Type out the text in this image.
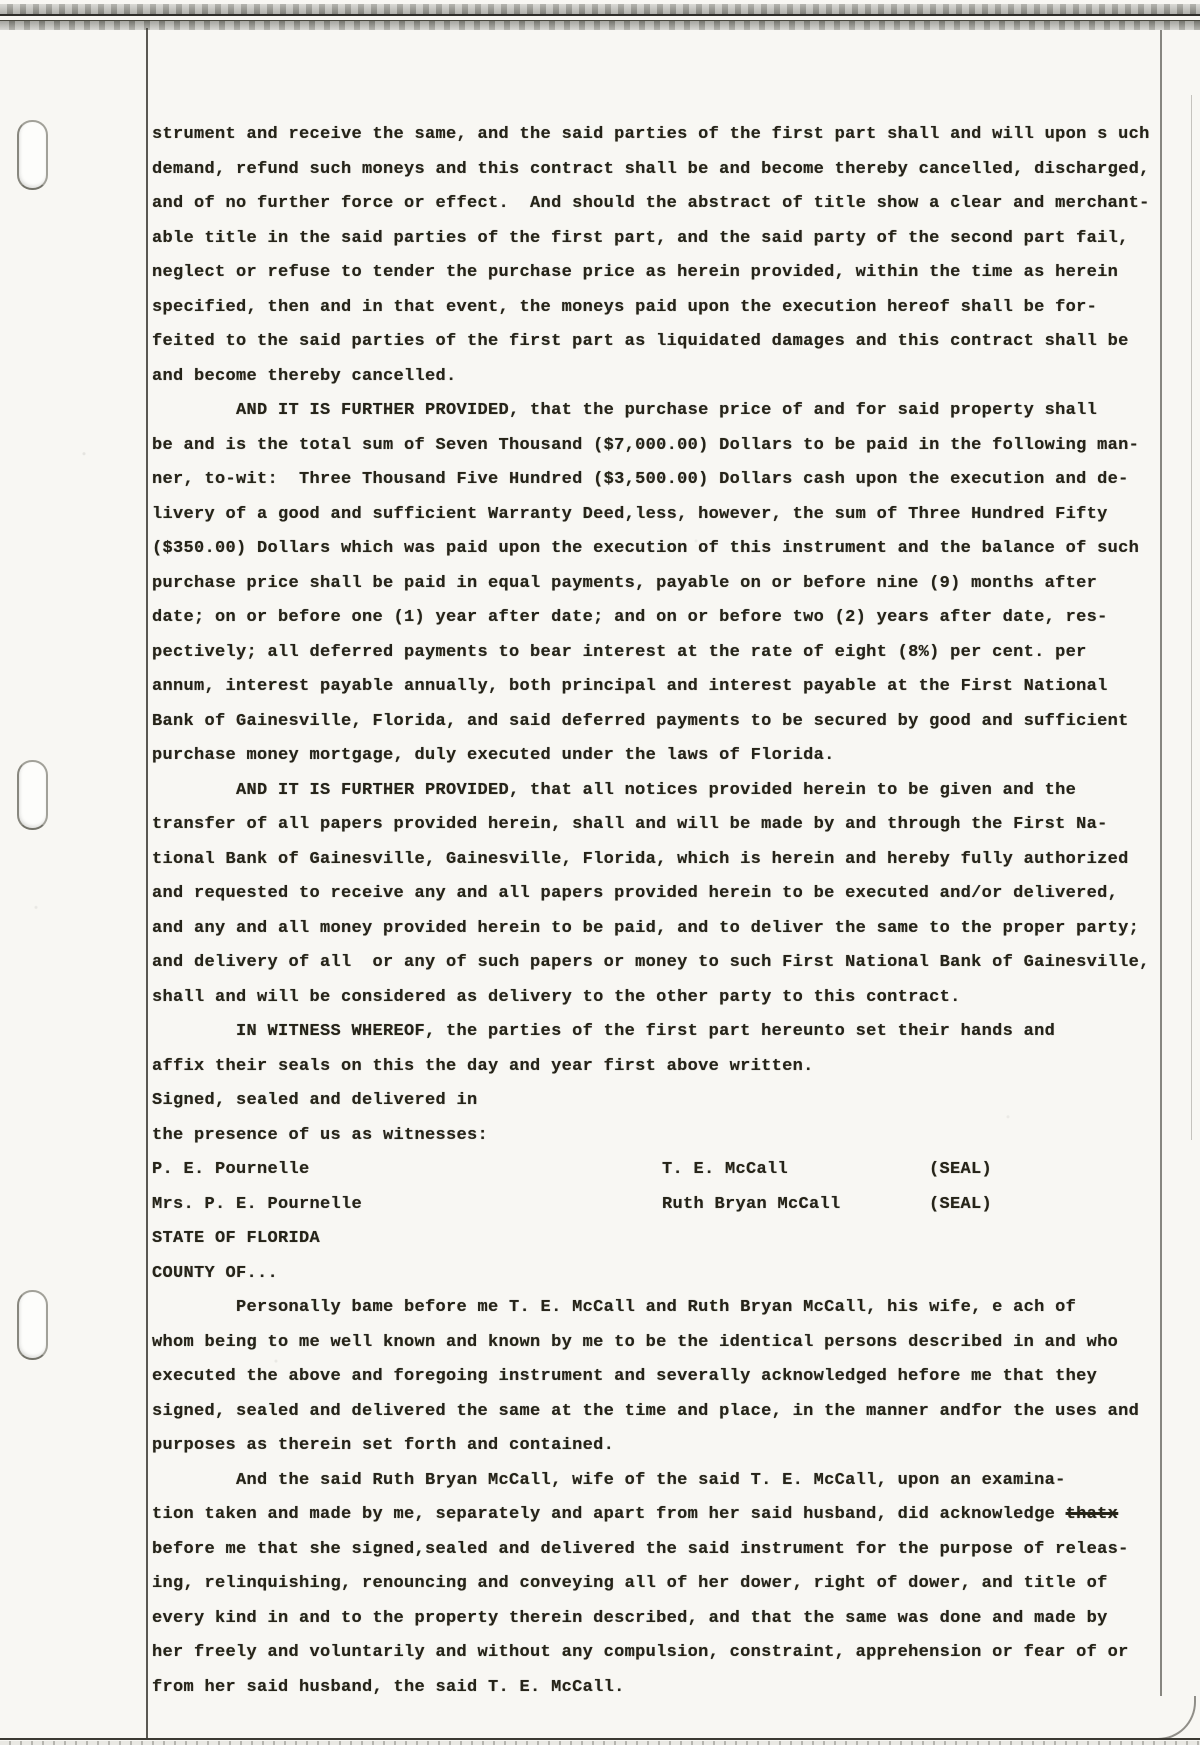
strument and receive the same, and the said parties of the first part shall and will upon s uch
demand, refund such moneys and this contract shall be and become thereby cancelled, discharged,
and of no further force or effect.  And should the abstract of title show a clear and merchant-
able title in the said parties of the first part, and the said party of the second part fail,
neglect or refuse to tender the purchase price as herein provided, within the time as herein
specified, then and in that event, the moneys paid upon the execution hereof shall be for-
feited to the said parties of the first part as liquidated damages and this contract shall be
and become thereby cancelled.
AND IT IS FURTHER PROVIDED, that the purchase price of and for said property shall
be and is the total sum of Seven Thousand ($7,000.00) Dollars to be paid in the following man-
ner, to-wit:  Three Thousand Five Hundred ($3,500.00) Dollars cash upon the execution and de-
livery of a good and sufficient Warranty Deed,less, however, the sum of Three Hundred Fifty
($350.00) Dollars which was paid upon the execution of this instrument and the balance of such
purchase price shall be paid in equal payments, payable on or before nine (9) months after
date; on or before one (1) year after date; and on or before two (2) years after date, res-
pectively; all deferred payments to bear interest at the rate of eight (8%) per cent. per
annum, interest payable annually, both principal and interest payable at the First National
Bank of Gainesville, Florida, and said deferred payments to be secured by good and sufficient
purchase money mortgage, duly executed under the laws of Florida.
AND IT IS FURTHER PROVIDED, that all notices provided herein to be given and the
transfer of all papers provided herein, shall and will be made by and through the First Na-
tional Bank of Gainesville, Gainesville, Florida, which is herein and hereby fully authorized
and requested to receive any and all papers provided herein to be executed and/or delivered,
and any and all money provided herein to be paid, and to deliver the same to the proper party;
and delivery of all  or any of such papers or money to such First National Bank of Gainesville,
shall and will be considered as delivery to the other party to this contract.
IN WITNESS WHEREOF, the parties of the first part hereunto set their hands and
affix their seals on this the day and year first above written.
Signed, sealed and delivered in
the presence of us as witnesses:
P. E. Pournelle	T. E. McCall	(SEAL)
Mrs. P. E. Pournelle	Ruth Bryan McCall	(SEAL)
STATE OF FLORIDA
COUNTY OF...
Personally bame before me T. E. McCall and Ruth Bryan McCall, his wife, e ach of
whom being to me well known and known by me to be the identical persons described in and who
executed the above and foregoing instrument and severally acknowledged hefore me that they
signed, sealed and delivered the same at the time and place, in the manner andfor the uses and
purposes as therein set forth and contained.
And the said Ruth Bryan McCall, wife of the said T. E. McCall, upon an examina-
tion taken and made by me, separately and apart from her said husband, did acknowledge thatx
before me that she signed,sealed and delivered the said instrument for the purpose of releas-
ing, relinquishing, renouncing and conveying all of her dower, right of dower, and title of
every kind in and to the property therein described, and that the same was done and made by
her freely and voluntarily and without any compulsion, constraint, apprehension or fear of or
from her said husband, the said T. E. McCall.
